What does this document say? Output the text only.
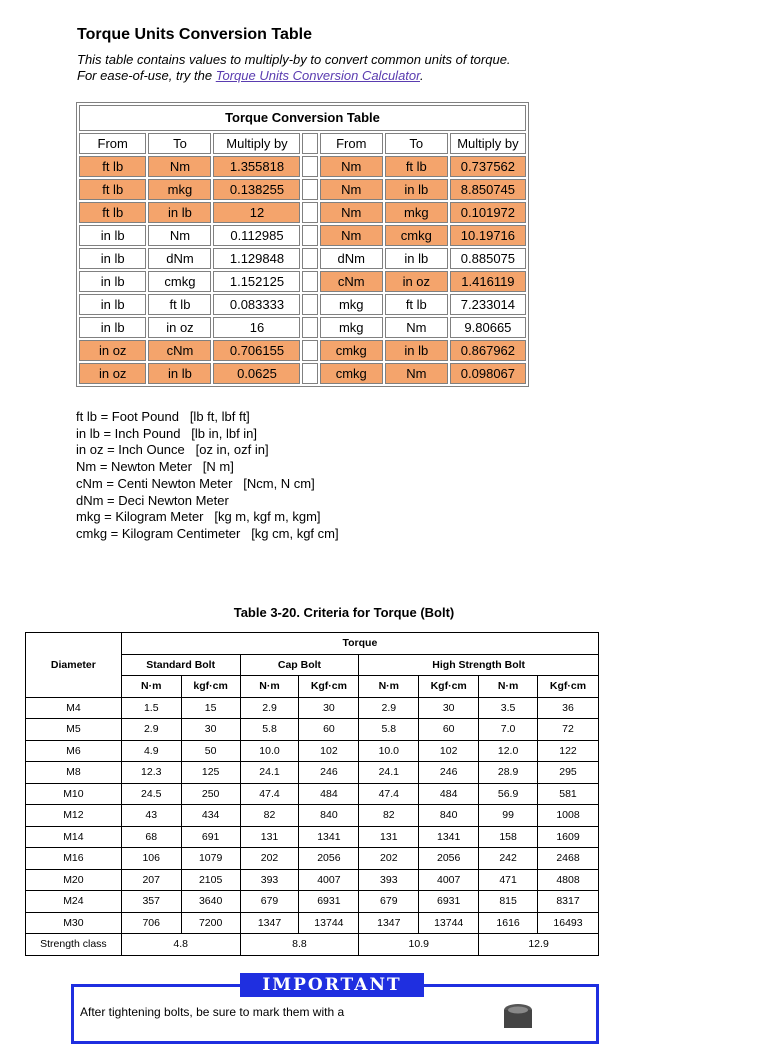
Torque Units Conversion Table
This table contains values to multiply-by to convert common units of torque.
For ease-of-use, try the Torque Units Conversion Calculator.
Torque Conversion Table
From	To	Multiply by		From	To	Multiply by
ft lb	Nm	1.355818		Nm	ft lb	0.737562
ft lb	mkg	0.138255		Nm	in lb	8.850745
ft lb	in lb	12		Nm	mkg	0.101972
in lb	Nm	0.112985		Nm	cmkg	10.19716
in lb	dNm	1.129848		dNm	in lb	0.885075
in lb	cmkg	1.152125		cNm	in oz	1.416119
in lb	ft lb	0.083333		mkg	ft lb	7.233014
in lb	in oz	16		mkg	Nm	9.80665
in oz	cNm	0.706155		cmkg	in lb	0.867962
in oz	in lb	0.0625		cmkg	Nm	0.098067
ft lb = Foot Pound   [lb ft, lbf ft]
in lb = Inch Pound   [lb in, lbf in]
in oz = Inch Ounce   [oz in, ozf in]
Nm = Newton Meter   [N m]
cNm = Centi Newton Meter   [Ncm, N cm]
dNm = Deci Newton Meter
mkg = Kilogram Meter   [kg m, kgf m, kgm]
cmkg = Kilogram Centimeter   [kg cm, kgf cm]
Table 3-20. Criteria for Torque (Bolt)
Diameter	Torque							
	Standard Bolt		Cap Bolt		High Strength Bolt			
	N·m	kgf·cm	N·m	Kgf·cm	N·m	Kgf·cm	N·m	Kgf·cm
M4	1.5	15	2.9	30	2.9	30	3.5	36
M5	2.9	30	5.8	60	5.8	60	7.0	72
M6	4.9	50	10.0	102	10.0	102	12.0	122
M8	12.3	125	24.1	246	24.1	246	28.9	295
M10	24.5	250	47.4	484	47.4	484	56.9	581
M12	43	434	82	840	82	840	99	1008
M14	68	691	131	1341	131	1341	158	1609
M16	106	1079	202	2056	202	2056	242	2468
M20	207	2105	393	4007	393	4007	471	4808
M24	357	3640	679	6931	679	6931	815	8317
M30	706	7200	1347	13744	1347	13744	1616	16493
Strength class	4.8		8.8		10.9		12.9	
IMPORTANT
After tightening bolts, be sure to mark them with a
